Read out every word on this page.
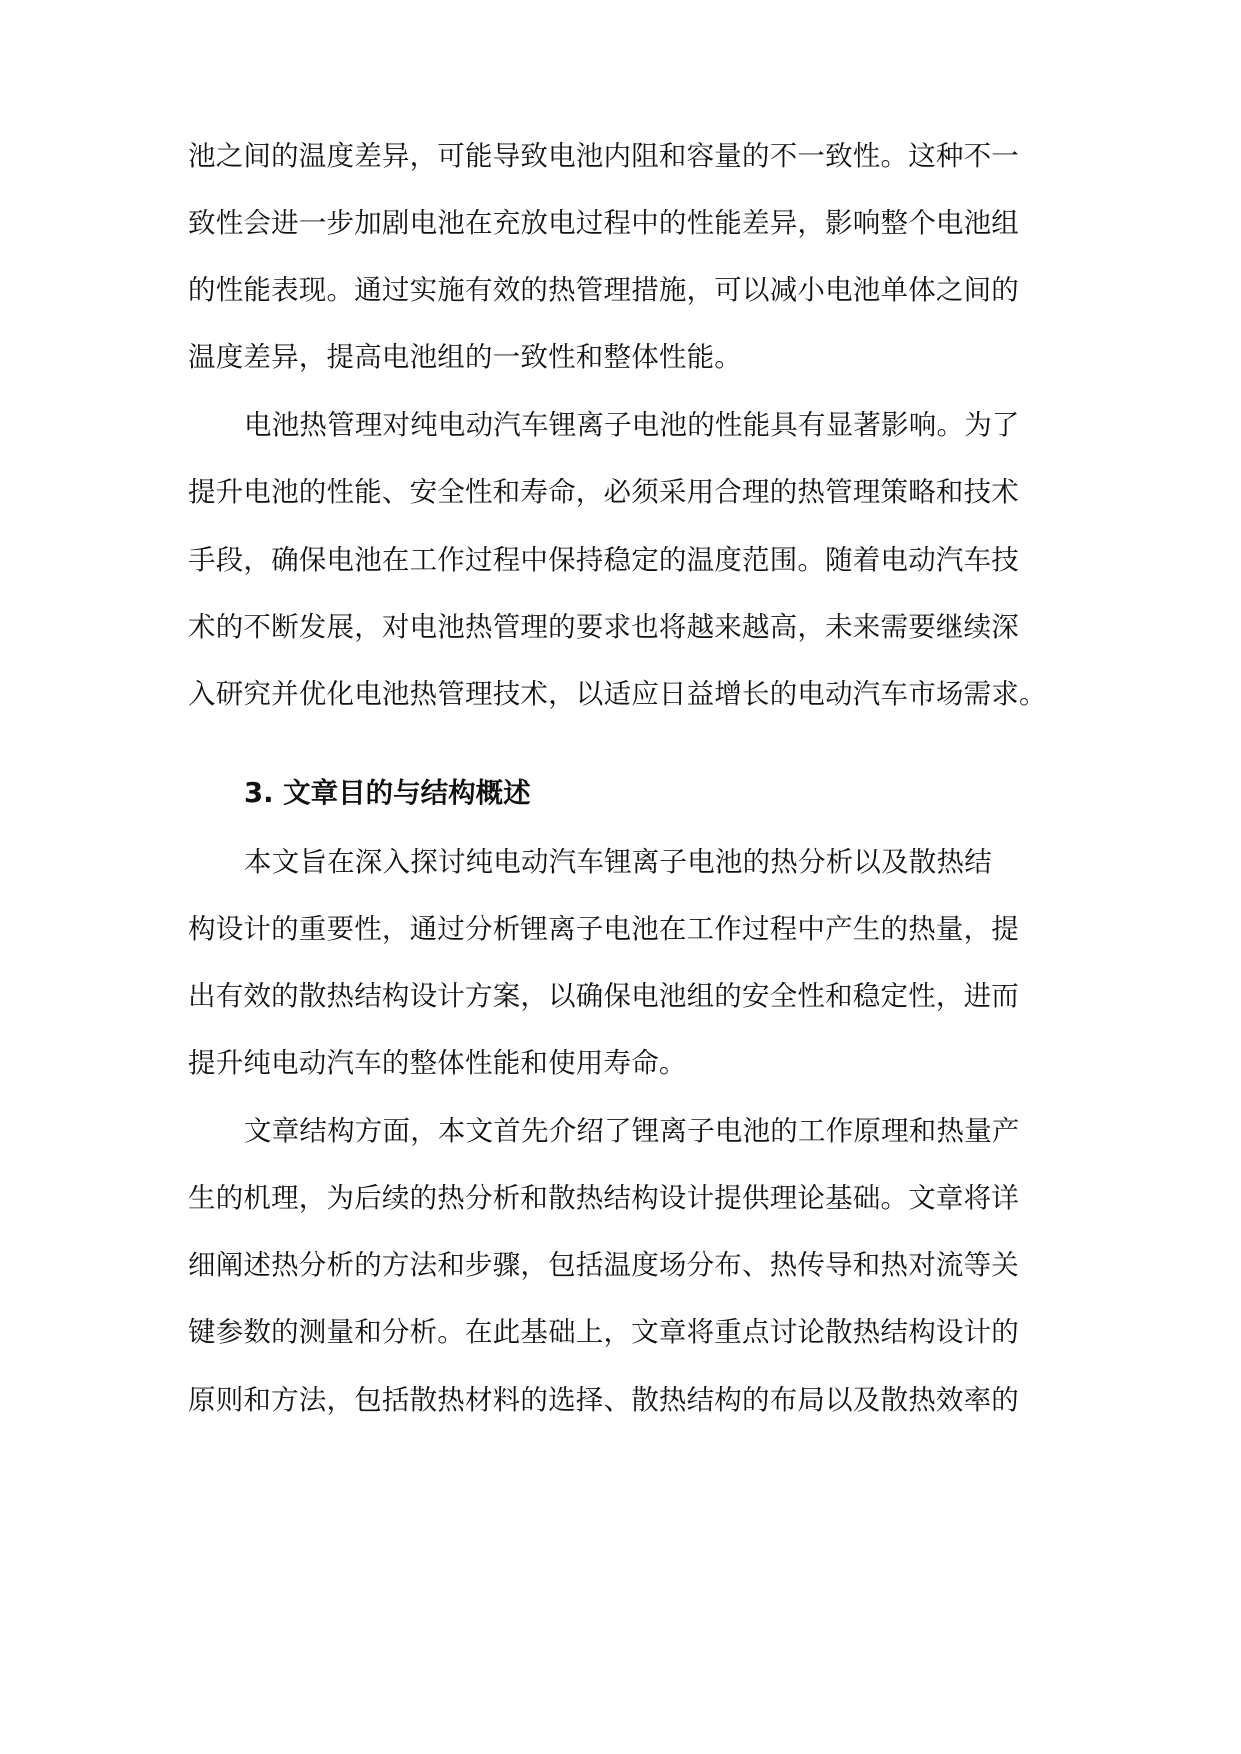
池之间的温度差异，可能导致电池内阻和容量的不一致性。这种不一
致性会进一步加剧电池在充放电过程中的性能差异，影响整个电池组
的性能表现。通过实施有效的热管理措施，可以减小电池单体之间的
温度差异，提高电池组的一致性和整体性能。
电池热管理对纯电动汽车锂离子电池的性能具有显著影响。为了
提升电池的性能、安全性和寿命，必须采用合理的热管理策略和技术
手段，确保电池在工作过程中保持稳定的温度范围。随着电动汽车技
术的不断发展，对电池热管理的要求也将越来越高，未来需要继续深
入研究并优化电池热管理技术，以适应日益增长的电动汽车市场需求。
3. 文章目的与结构概述
本文旨在深入探讨纯电动汽车锂离子电池的热分析以及散热结
构设计的重要性，通过分析锂离子电池在工作过程中产生的热量，提
出有效的散热结构设计方案，以确保电池组的安全性和稳定性，进而
提升纯电动汽车的整体性能和使用寿命。
文章结构方面，本文首先介绍了锂离子电池的工作原理和热量产
生的机理，为后续的热分析和散热结构设计提供理论基础。文章将详
细阐述热分析的方法和步骤，包括温度场分布、热传导和热对流等关
键参数的测量和分析。在此基础上，文章将重点讨论散热结构设计的
原则和方法，包括散热材料的选择、散热结构的布局以及散热效率的
